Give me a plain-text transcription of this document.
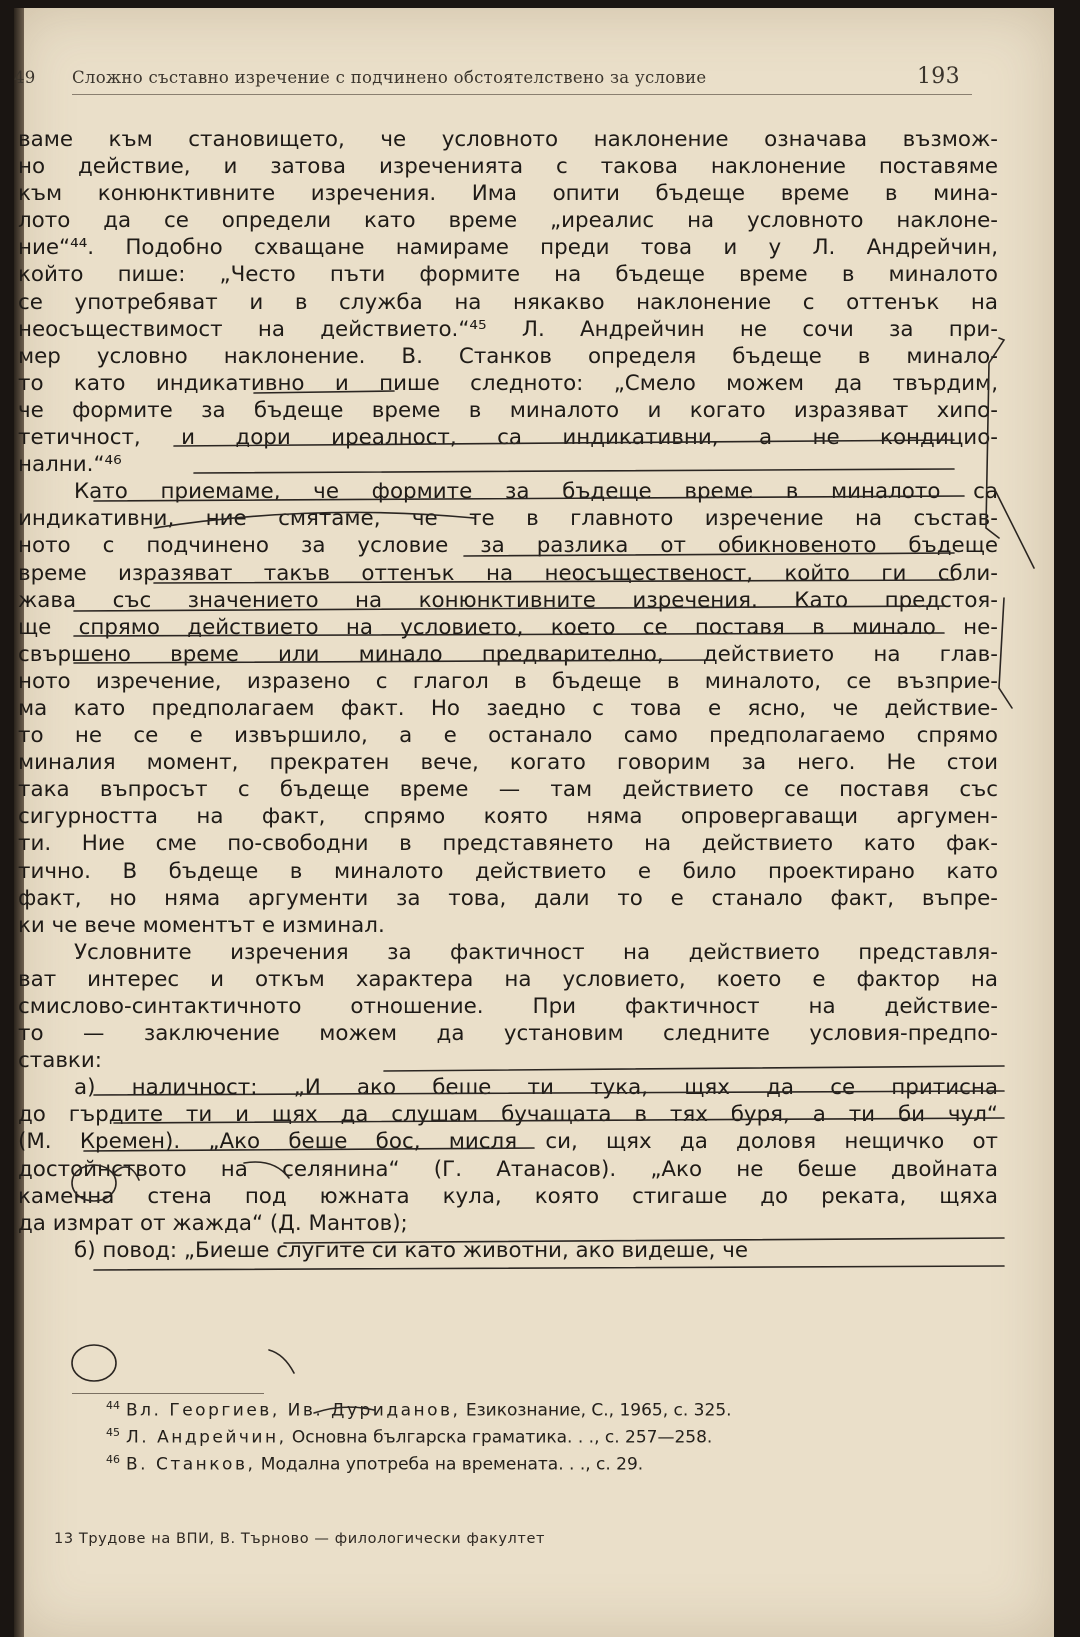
49 Сложно съставно изречение с подчинено обстоятелствено за условие	193
ваме към становището, че условното наклонение означава възмож-
но действие, и затова изреченията с такова наклонение поставяме
към конюнктивните изречения. Има опити бъдеще време в мина-
лото да се определи като време „иреалис на условното наклоне-
ние“⁴⁴. Подобно схващане намираме преди това и у Л. Андрейчин,
който пише: „Често пъти формите на бъдеще време в миналото
се употребяват и в служба на някакво наклонение с оттенък на
неосъществимост на действието.“⁴⁵ Л. Андрейчин не сочи за при-
мер условно наклонение. В. Станков определя бъдеще в минало-
то като индикативно и пише следното: „Смело можем да твърдим,
че формите за бъдеще време в миналото и когато изразяват хипо-
тетичност, и дори иреалност, са индикативни, а не кондицио-
нални.“⁴⁶
Като приемаме, че формите за бъдеще време в миналото са
индикативни, ние смятаме, че те в главното изречение на състав-
ното с подчинено за условие за разлика от обикновеното бъдеще
време изразяват такъв оттенък на неосъщественост, който ги сбли-
жава със значението на конюнктивните изречения. Като предстоя-
ще спрямо действието на условието, което се поставя в минало не-
свършено време или минало предварително, действието на глав-
ното изречение, изразено с глагол в бъдеще в миналото, се възприе-
ма като предполагаем факт. Но заедно с това е ясно, че действие-
то не се е извършило, а е останало само предполагаемо спрямо
миналия момент, прекратен вече, когато говорим за него. Не стои
така въпросът с бъдеще време — там действието се поставя със
сигурността на факт, спрямо която няма опровергаващи аргумен-
ти. Ние сме по-свободни в представянето на действието като фак-
тично. В бъдеще в миналото действието е било проектирано като
факт, но няма аргументи за това, дали то е станало факт, въпре-
ки че вече моментът е изминал.
Условните изречения за фактичност на действието представля-
ват интерес и откъм характера на условието, което е фактор на
смислово-синтактичното отношение. При фактичност на действие-
то — заключение можем да установим следните условия-предпо-
ставки:
а) наличност: „И ако беше ти тука, щях да се притисна
до гърдите ти и щях да слушам бучащата в тях буря, а ти би чул“
(М. Кремен). „Ако беше бос, мисля си, щях да доловя нещичко от
достойнството на селянина“ (Г. Атанасов). „Ако не беше двойната
каменна стена под южната кула, която стигаше до реката, щяха
да измрат от жажда“ (Д. Мантов);
б) повод: „Биеше слугите си като животни, ако видеше, че
$^{44}$ Вл. Георгиев, Ив. Дуриданов, Езикознание, С., 1965, с. 325.
$^{45}$ Л. Андрейчин, Основна българска граматика. . ., с. 257—258.
$^{46}$ В. Станков, Модална употреба на времената. . ., с. 29.
13 Трудове на ВПИ, В. Търново — филологически факултет
